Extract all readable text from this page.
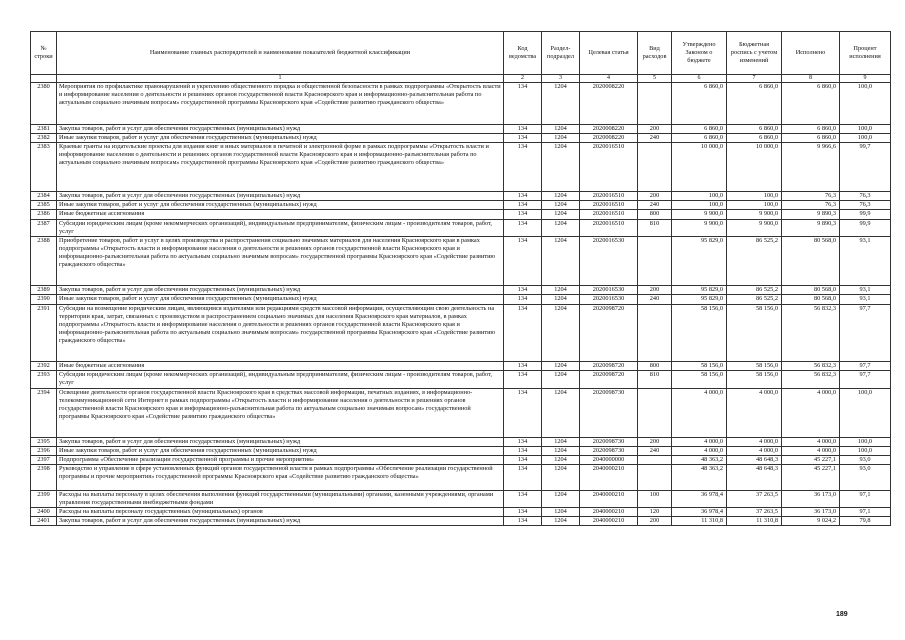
№ строки	Наименование главных распорядителей и наименование показателей бюджетной классификации	Код ведомства	Раздел-подраздел	Целевая статья	Вид расходов	Утверждено Законом о бюджете	Бюджетная роспись с учетом изменений	Исполнено	Процент исполнения
	1	2	3	4	5	6	7	8	9
2380	Мероприятия по профилактике правонарушений и укреплению общественного порядка и общественной безопасности в рамках подпрограммы «Открытость власти и информирование населения о деятельности и решениях органов государственной власти Красноярского края и информационно-разъяснительная работа по актуальным социально значимым вопросам» государственной программы Красноярского края «Содействие развитию гражданского общества»	134	1204	2020008220		6 860,0	6 860,0	6 860,0	100,0
2381	Закупка товаров, работ и услуг для обеспечения государственных (муниципальных) нужд	134	1204	2020008220	200	6 860,0	6 860,0	6 860,0	100,0
2382	Иные закупки товаров, работ и услуг для обеспечения государственных (муниципальных) нужд	134	1204	2020008220	240	6 860,0	6 860,0	6 860,0	100,0
2383	Краевые гранты на издательские проекты для издания книг и иных материалов в печатной и электронной форме в рамках подпрограммы «Открытость власти и информирование населения о деятельности и решениях органов государственной власти Красноярского края и информационно-разъяснительная работа по актуальным социально значимым вопросам» государственной программы Красноярского края «Содействие развитию гражданского общества»	134	1204	2020016510		10 000,0	10 000,0	9 966,6	99,7
2384	Закупка товаров, работ и услуг для обеспечения государственных (муниципальных) нужд	134	1204	2020016510	200	100,0	100,0	76,3	76,3
2385	Иные закупки товаров, работ и услуг для обеспечения государственных (муниципальных) нужд	134	1204	2020016510	240	100,0	100,0	76,3	76,3
2386	Иные бюджетные ассигнования	134	1204	2020016510	800	9 900,0	9 900,0	9 890,3	99,9
2387	Субсидии юридическим лицам (кроме некоммерческих организаций), индивидуальным предпринимателям, физическим лицам - производителям товаров, работ, услуг	134	1204	2020016510	810	9 900,0	9 900,0	9 890,3	99,9
2388	Приобретение товаров, работ и услуг в целях производства и распространения социально значимых материалов для населения Красноярского края в рамках подпрограммы «Открытость власти и информирование населения о деятельности и решениях органов государственной власти Красноярского края и информационно-разъяснительная работа по актуальным социально значимым вопросам» государственной программы Красноярского края «Содействие развитию гражданского общества»	134	1204	2020016530		95 829,0	86 525,2	80 568,0	93,1
2389	Закупка товаров, работ и услуг для обеспечения государственных (муниципальных) нужд	134	1204	2020016530	200	95 829,0	86 525,2	80 568,0	93,1
2390	Иные закупки товаров, работ и услуг для обеспечения государственных (муниципальных) нужд	134	1204	2020016530	240	95 829,0	86 525,2	80 568,0	93,1
2391	Субсидии на возмещение юридическим лицам, являющимся издателями или редакциями средств массовой информации, осуществляющим свою деятельность на территории края, затрат, связанных с производством и распространением социально значимых для населения Красноярского края материалов, в рамках подпрограммы «Открытость власти и информирование населения о деятельности и решениях органов государственной власти Красноярского края и информационно-разъяснительная работа по актуальным социально значимым вопросам» государственной программы Красноярского края «Содействие развитию гражданского общества»	134	1204	2020098720		58 156,0	58 156,0	56 832,3	97,7
2392	Иные бюджетные ассигнования	134	1204	2020098720	800	58 156,0	58 156,0	56 832,3	97,7
2393	Субсидии юридическим лицам (кроме некоммерческих организаций), индивидуальным предпринимателям, физическим лицам - производителям товаров, работ, услуг	134	1204	2020098720	810	58 156,0	58 156,0	56 832,3	97,7
2394	Освещение деятельности органов государственной власти Красноярского края в средствах массовой информации, печатных изданиях, в информационно-телекоммуникационной сети Интернет в рамках подпрограммы «Открытость власти и информирование населения о деятельности и решениях органов государственной власти Красноярского края и информационно-разъяснительная работа по актуальным социально значимым вопросам» государственной программы Красноярского края «Содействие развитию гражданского общества»	134	1204	2020098730		4 000,0	4 000,0	4 000,0	100,0
2395	Закупка товаров, работ и услуг для обеспечения государственных (муниципальных) нужд	134	1204	2020098730	200	4 000,0	4 000,0	4 000,0	100,0
2396	Иные закупки товаров, работ и услуг для обеспечения государственных (муниципальных) нужд	134	1204	2020098730	240	4 000,0	4 000,0	4 000,0	100,0
2397	Подпрограмма «Обеспечение реализации государственной программы и прочие мероприятия»	134	1204	2040000000		48 363,2	48 648,3	45 227,1	93,0
2398	Руководство и управление в сфере установленных функций органов государственной власти в рамках подпрограммы «Обеспечение реализации государственной программы и прочие мероприятия» государственной программы Красноярского края «Содействие развитию гражданского общества»	134	1204	2040000210		48 363,2	48 648,3	45 227,1	93,0
2399	Расходы на выплаты персоналу в целях обеспечения выполнения функций государственными (муниципальными) органами, казенными учреждениями, органами управления государственными внебюджетными фондами	134	1204	2040000210	100	36 978,4	37 263,5	36 173,0	97,1
2400	Расходы на выплаты персоналу государственных (муниципальных) органов	134	1204	2040000210	120	36 978,4	37 263,5	36 173,0	97,1
2401	Закупка товаров, работ и услуг для обеспечения государственных (муниципальных) нужд	134	1204	2040000210	200	11 310,8	11 310,8	9 024,2	79,8
189
